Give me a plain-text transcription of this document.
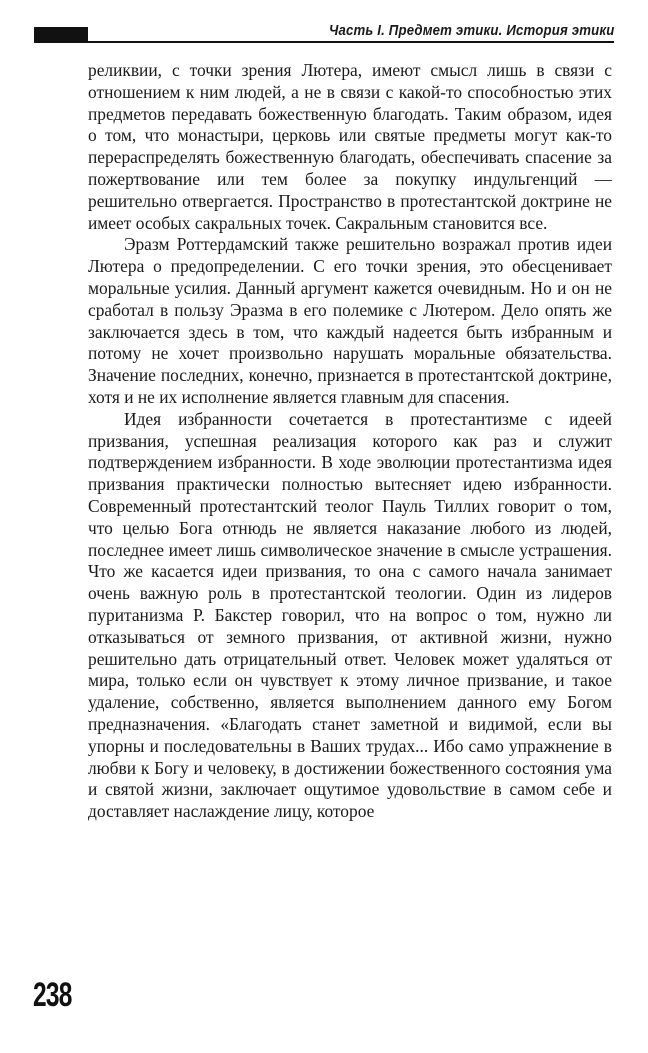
Часть I. Предмет этики. История этики

реликвии, с точки зрения Лютера, имеют смысл лишь в связи с отношением к ним людей, а не в связи с какой-то способностью этих предметов передавать божественную благодать. Таким образом, идея о том, что монастыри, церковь или святые предметы могут как-то перераспределять божественную благодать, обеспечивать спасение за пожертвование или тем более за покупку индульгенций — решительно отвергается. Пространство в протестантской доктрине не имеет особых сакральных точек. Сакральным становится все.

Эразм Роттердамский также решительно возражал против идеи Лютера о предопределении. С его точки зрения, это обесценивает моральные усилия. Данный аргумент кажется очевидным. Но и он не сработал в пользу Эразма в его полемике с Лютером. Дело опять же заключается здесь в том, что каждый надеется быть избранным и потому не хочет произвольно нарушать моральные обязательства. Значение последних, конечно, признается в протестантской доктрине, хотя и не их исполнение является главным для спасения.

Идея избранности сочетается в протестантизме с идеей призвания, успешная реализация которого как раз и служит подтверждением избранности. В ходе эволюции протестантизма идея призвания практически полностью вытесняет идею избранности. Современный протестантский теолог Пауль Тиллих говорит о том, что целью Бога отнюдь не является наказание любого из людей, последнее имеет лишь символическое значение в смысле устрашения. Что же касается идеи призвания, то она с самого начала занимает очень важную роль в протестантской теологии. Один из лидеров пуританизма Р. Бакстер говорил, что на вопрос о том, нужно ли отказываться от земного призвания, от активной жизни, нужно решительно дать отрицательный ответ. Человек может удаляться от мира, только если он чувствует к этому личное призвание, и такое удаление, собственно, является выполнением данного ему Богом предназначения. «Благодать станет заметной и видимой, если вы упорны и последовательны в Ваших трудах... Ибо само упражнение в любви к Богу и человеку, в достижении божественного состояния ума и святой жизни, заключает ощутимое удовольствие в самом себе и доставляет наслаждение лицу, которое

238
